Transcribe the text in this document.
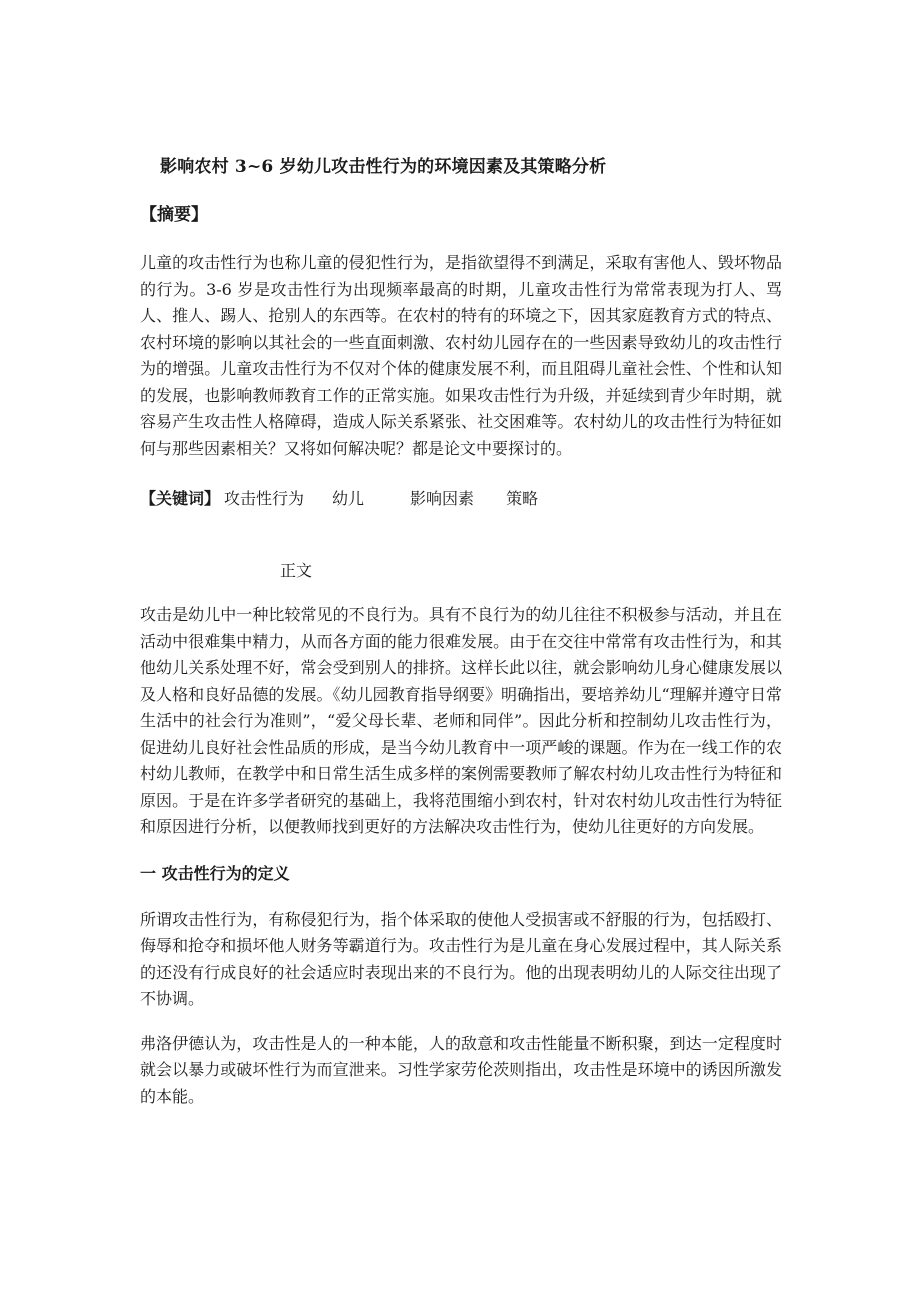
影响农村 3~6 岁幼儿攻击性行为的环境因素及其策略分析
【摘要】

儿童的攻击性行为也称儿童的侵犯性行为，是指欲望得不到满足，采取有害他人、毁坏物品的行为。3-6 岁是攻击性行为出现频率最高的时期，儿童攻击性行为常常表现为打人、骂人、推人、踢人、抢别人的东西等。在农村的特有的环境之下，因其家庭教育方式的特点、农村环境的影响以其社会的一些直面刺激、农村幼儿园存在的一些因素导致幼儿的攻击性行为的增强。儿童攻击性行为不仅对个体的健康发展不利，而且阻碍儿童社会性、个性和认知的发展，也影响教师教育工作的正常实施。如果攻击性行为升级，并延续到青少年时期，就容易产生攻击性人格障碍，造成人际关系紧张、社交困难等。农村幼儿的攻击性行为特征如何与那些因素相关？又将如何解决呢？都是论文中要探讨的。

【关键词】 攻击性行为 幼儿	影响因素 策略
正文

攻击是幼儿中一种比较常见的不良行为。具有不良行为的幼儿往往不积极参与活动，并且在活动中很难集中精力，从而各方面的能力很难发展。由于在交往中常常有攻击性行为，和其他幼儿关系处理不好，常会受到别人的排挤。这样长此以往，就会影响幼儿身心健康发展以及人格和良好品德的发展。《幼儿园教育指导纲要》明确指出，要培养幼儿“理解并遵守日常生活中的社会行为准则”，“爱父母长辈、老师和同伴”。因此分析和控制幼儿攻击性行为，促进幼儿良好社会性品质的形成，是当今幼儿教育中一项严峻的课题。作为在一线工作的农村幼儿教师，在教学中和日常生活生成多样的案例需要教师了解农村幼儿攻击性行为特征和原因。于是在许多学者研究的基础上，我将范围缩小到农村，针对农村幼儿攻击性行为特征和原因进行分析，以便教师找到更好的方法解决攻击性行为，使幼儿往更好的方向发展。

一 攻击性行为的定义

所谓攻击性行为，有称侵犯行为，指个体采取的使他人受损害或不舒服的行为，包括殴打、侮辱和抢夺和损坏他人财务等霸道行为。攻击性行为是儿童在身心发展过程中，其人际关系的还没有行成良好的社会适应时表现出来的不良行为。他的出现表明幼儿的人际交往出现了不协调。

弗洛伊德认为，攻击性是人的一种本能，人的敌意和攻击性能量不断积聚，到达一定程度时就会以暴力或破坏性行为而宣泄来。习性学家劳伦茨则指出，攻击性是环境中的诱因所激发的本能。
